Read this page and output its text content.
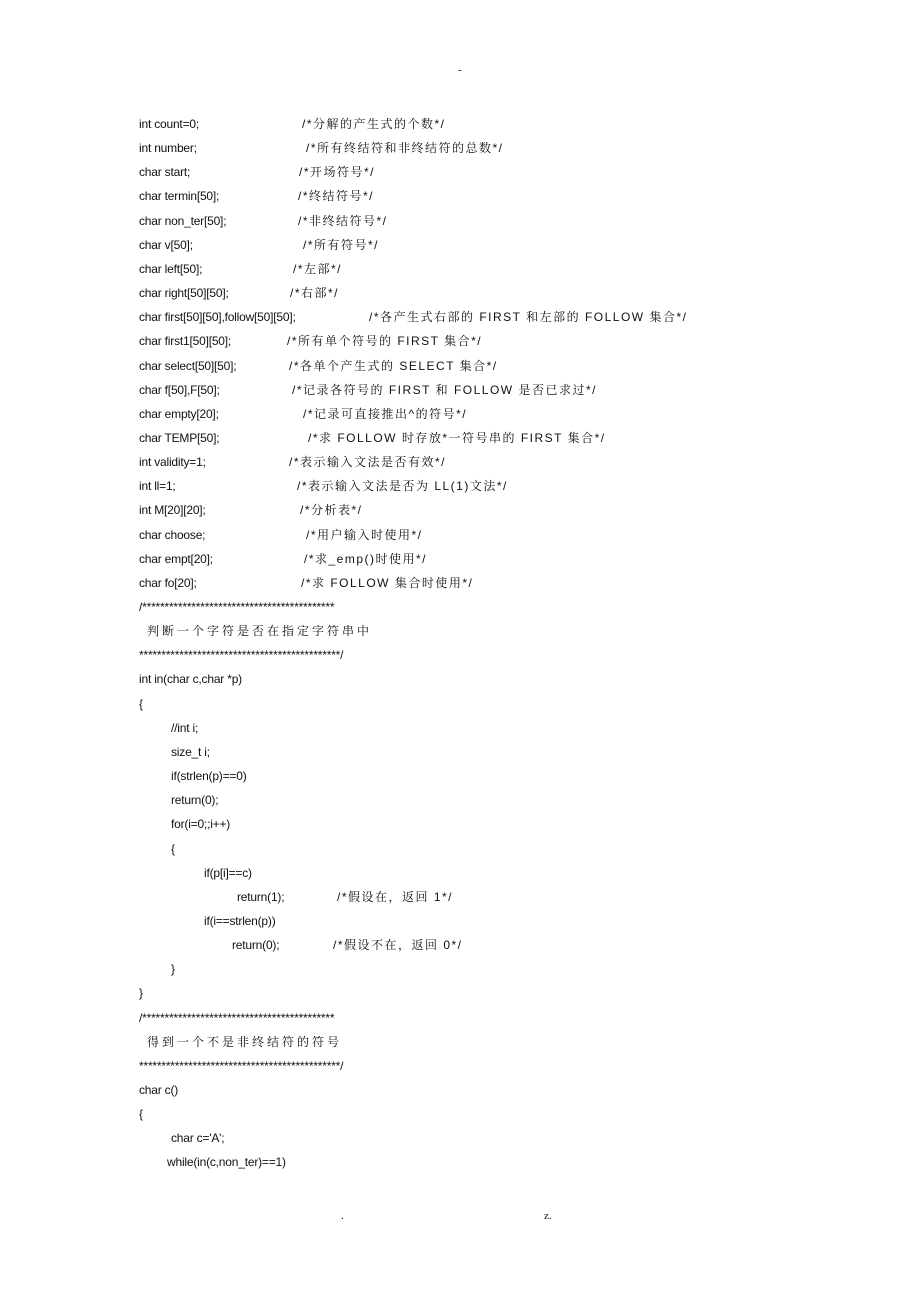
-
int count=0;	/*分解的产生式的个数*/
int number;	/*所有终结符和非终结符的总数*/
char start;	/*开场符号*/
char termin[50];	/*终结符号*/
char non_ter[50];	/*非终结符号*/
char v[50];	/*所有符号*/
char left[50];	/*左部*/
char right[50][50];	/*右部*/
char first[50][50],follow[50][50];	/*各产生式右部的 FIRST 和左部的 FOLLOW 集合*/
char first1[50][50];	/*所有单个符号的 FIRST 集合*/
char select[50][50];	/*各单个产生式的 SELECT 集合*/
char f[50],F[50];	/*记录各符号的 FIRST 和 FOLLOW 是否已求过*/
char empty[20];	/*记录可直接推出^的符号*/
char TEMP[50];	/*求 FOLLOW 时存放*一符号串的 FIRST 集合*/
int validity=1;	/*表示输入文法是否有效*/
int ll=1;	/*表示输入文法是否为 LL(1)文法*/
int M[20][20];	/*分析表*/
char choose;	/*用户输入时使用*/
char empt[20];	/*求_emp()时使用*/
char fo[20];	/*求 FOLLOW 集合时使用*/
/*******************************************
判断一个字符是否在指定字符串中
*********************************************/
int in(char c,char *p)
{
//int i;
size_t i;
if(strlen(p)==0)
return(0);
for(i=0;;i++)
{
if(p[i]==c)
return(1);	/*假设在，返回 1*/
if(i==strlen(p))
return(0);	/*假设不在，返回 0*/
}
}
/*******************************************
得到一个不是非终结符的符号
*********************************************/
char c()
{
char c='A';
while(in(c,non_ter)==1)
.	z.
